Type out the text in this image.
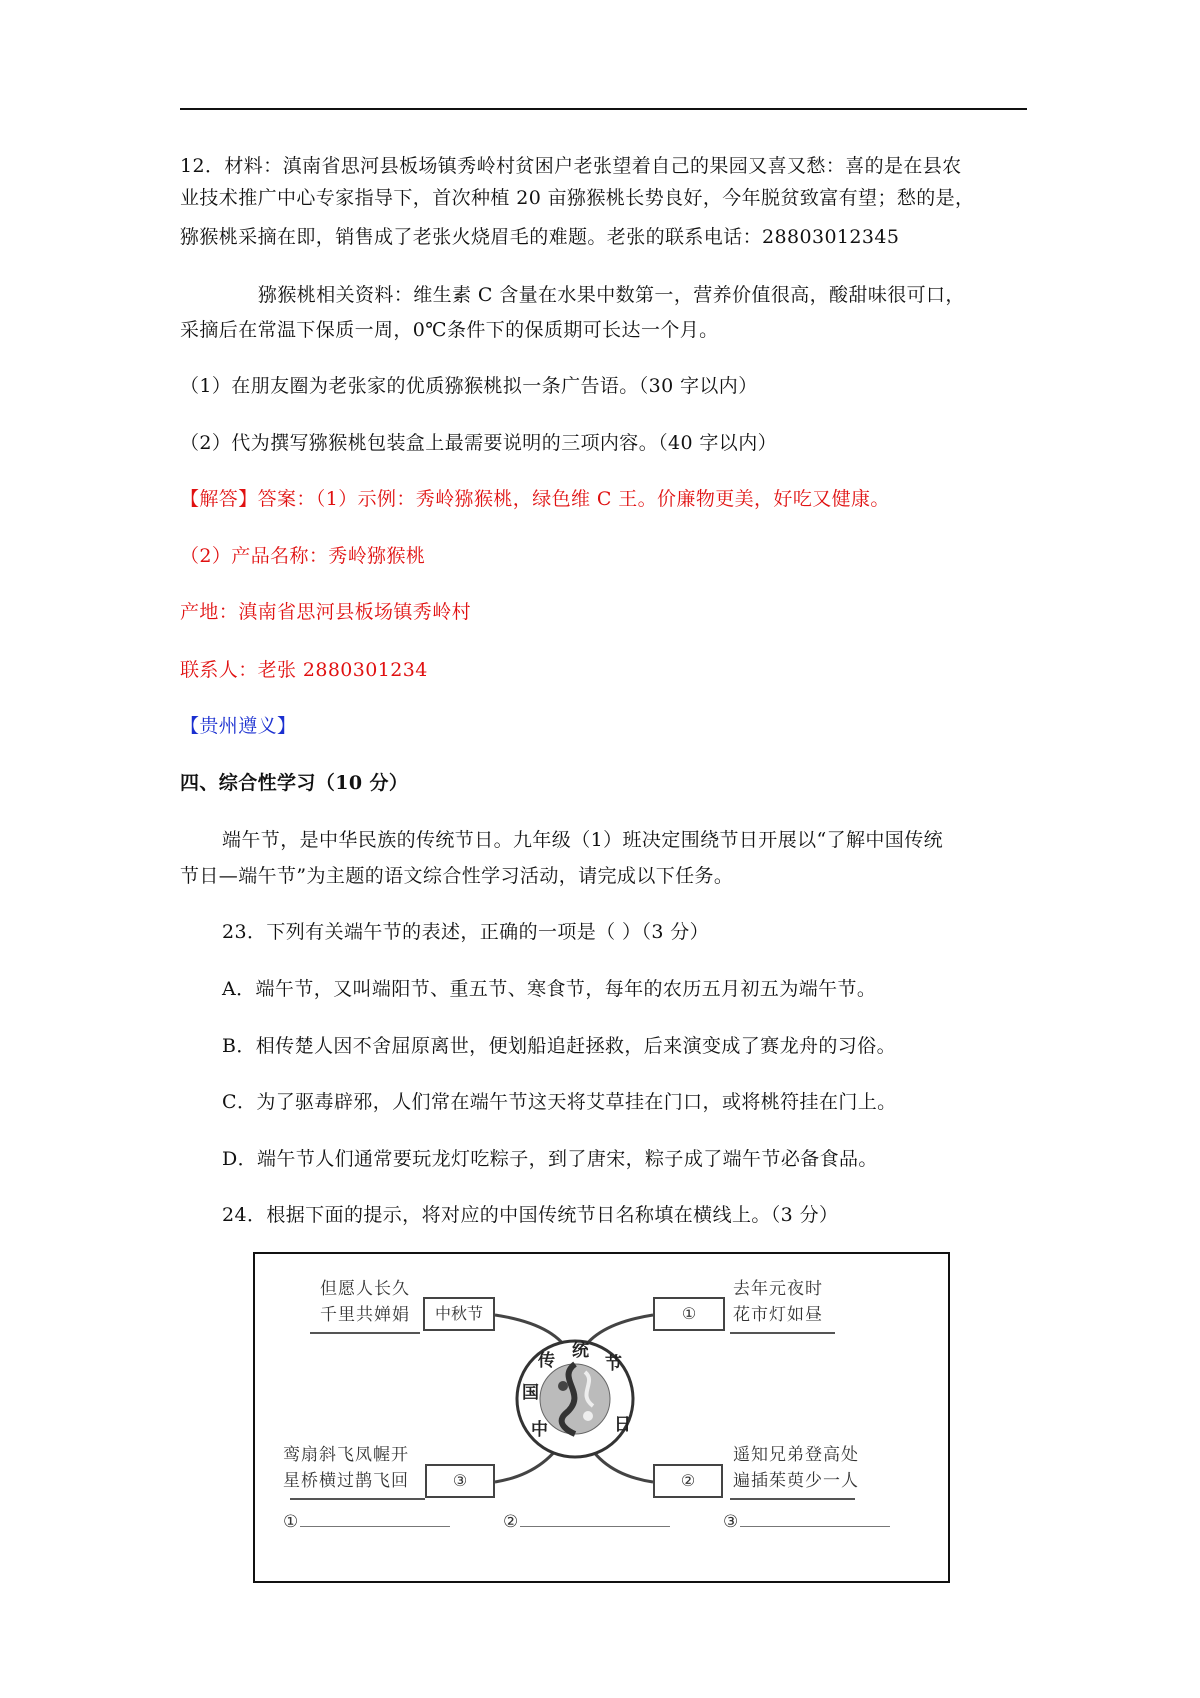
12．材料：滇南省思河县板场镇秀岭村贫困户老张望着自己的果园又喜又愁：喜的是在县农
业技术推广中心专家指导下，首次种植 20 亩猕猴桃长势良好，今年脱贫致富有望；愁的是，
猕猴桃采摘在即，销售成了老张火烧眉毛的难题。老张的联系电话：28803012345
猕猴桃相关资料：维生素 C 含量在水果中数第一，营养价值很高，酸甜味很可口，
采摘后在常温下保质一周，0℃条件下的保质期可长达一个月。
（1）在朋友圈为老张家的优质猕猴桃拟一条广告语。（30 字以内）
（2）代为撰写猕猴桃包装盒上最需要说明的三项内容。（40 字以内）
【解答】答案：（1）示例：秀岭猕猴桃，绿色维 C 王。价廉物更美，好吃又健康。
（2）产品名称：秀岭猕猴桃
产地：滇南省思河县板场镇秀岭村
联系人：老张 2880301234
【贵州遵义】
四、综合性学习（10 分）
端午节，是中华民族的传统节日。九年级（1）班决定围绕节日开展以“了解中国传统
节日—端午节”为主题的语文综合性学习活动，请完成以下任务。
23．下列有关端午节的表述，正确的一项是（ ）（3 分）
A．端午节，又叫端阳节、重五节、寒食节，每年的农历五月初五为端午节。
B．相传楚人因不舍屈原离世，便划船追赶拯救，后来演变成了赛龙舟的习俗。
C．为了驱毒辟邪，人们常在端午节这天将艾草挂在门口，或将桃符挂在门上。
D．端午节人们通常要玩龙灯吃粽子，到了唐宋，粽子成了端午节必备食品。
24．根据下面的提示，将对应的中国传统节日名称填在横线上。（3 分）
中
国
传 统
节
日
但愿人长久
千里共婵娟	中秋节	①
去年元夜时
花市灯如昼
鸾扇斜飞凤幄开
星桥横过鹊飞回	③	②
遥知兄弟登高处
遍插茱萸少一人
①	②	③
